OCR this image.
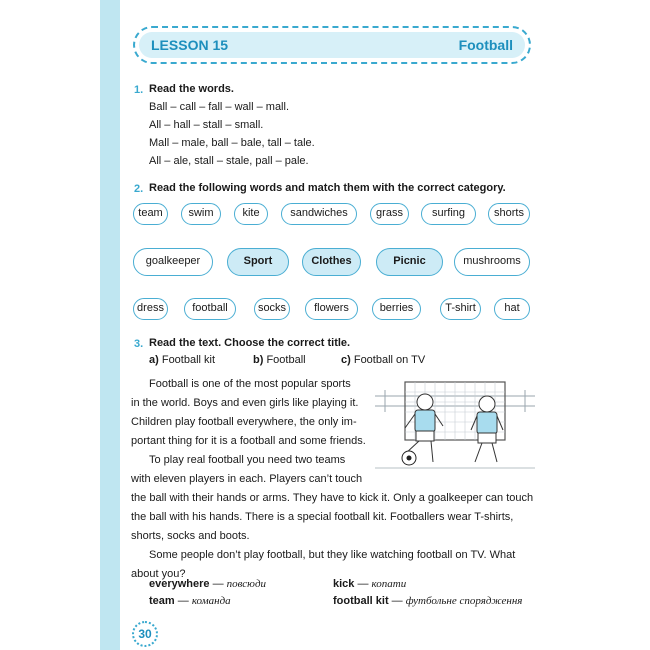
LESSON 15	Football
1. Read the words.
Ball – call – fall – wall – mall.
All – hall – stall – small.
Mall – male, ball – bale, tall – tale.
All – ale, stall – stale, pall – pale.
2. Read the following words and match them with the correct category.
team	swim	kite	sandwiches	grass	surfing	shorts
goalkeeper	Sport	Clothes	Picnic	mushrooms
dress	football	socks	flowers	berries	T-shirt	hat
3. Read the text. Choose the correct title.
a) Football kit	b) Football	c) Football on TV
Football is one of the most popular sports
in the world. Boys and even girls like playing it.
Children play football everywhere, the only im-
portant thing for it is a football and some friends.
To play real football you need two teams
with eleven players in each. Players can’t touch
the ball with their hands or arms. They have to kick it. Only a goalkeeper can touch
the ball with his hands. There is a special football kit. Footballers wear T-shirts,
shorts, socks and boots.
Some people don’t play football, but they like watching football on TV. What
about you?
everywhere — повсюди	kick — копати
team — команда	football kit — футбольне спорядження
30
